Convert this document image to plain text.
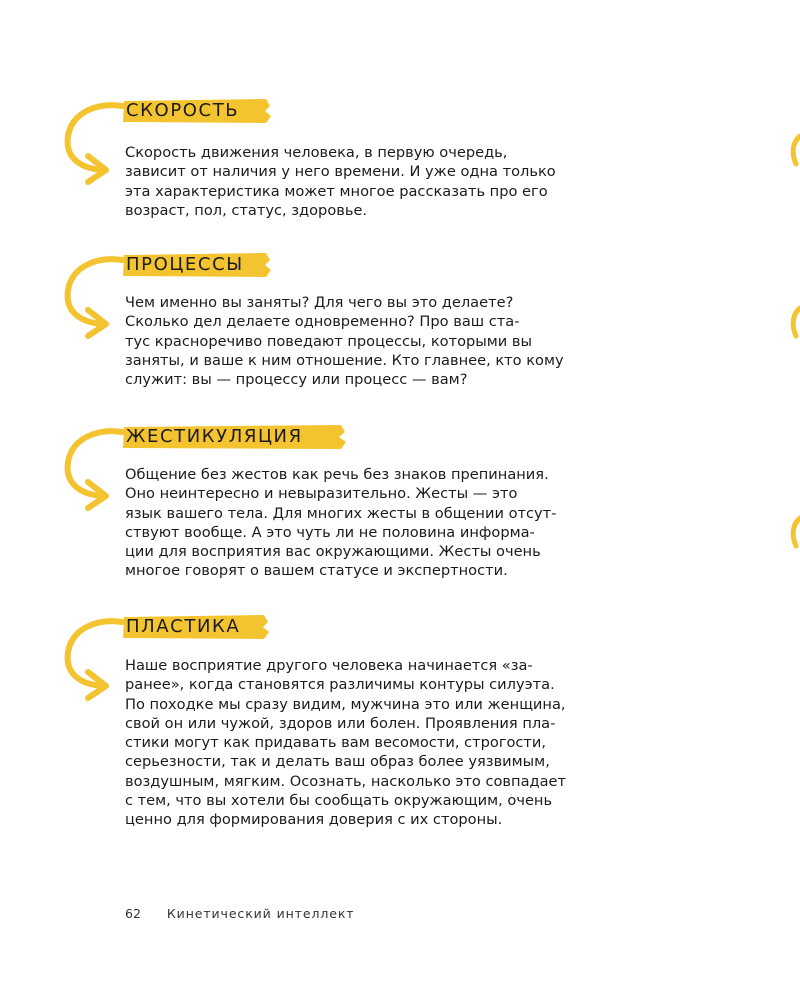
СКОРОСТЬ

Скорость движения человека, в первую очередь,
зависит от наличия у него времени. И уже одна только
эта характеристика может многое рассказать про его
возраст, пол, статус, здоровье.

ПРОЦЕССЫ

Чем именно вы заняты? Для чего вы это делаете?
Сколько дел делаете одновременно? Про ваш ста-
тус красноречиво поведают процессы, которыми вы
заняты, и ваше к ним отношение. Кто главнее, кто кому
служит: вы — процессу или процесс — вам?

ЖЕСТИКУЛЯЦИЯ

Общение без жестов как речь без знаков препинания.
Оно неинтересно и невыразительно. Жесты — это
язык вашего тела. Для многих жесты в общении отсут-
ствуют вообще. А это чуть ли не половина информа-
ции для восприятия вас окружающими. Жесты очень
многое говорят о вашем статусе и экспертности.

ПЛАСТИКА

Наше восприятие другого человека начинается «за-
ранее», когда становятся различимы контуры силуэта.
По походке мы сразу видим, мужчина это или женщина,
свой он или чужой, здоров или болен. Проявления пла-
стики могут как придавать вам весомости, строгости,
серьезности, так и делать ваш образ более уязвимым,
воздушным, мягким. Осознать, насколько это совпадает
с тем, что вы хотели бы сообщать окружающим, очень
ценно для формирования доверия с их стороны.

62 Кинетический интеллект
